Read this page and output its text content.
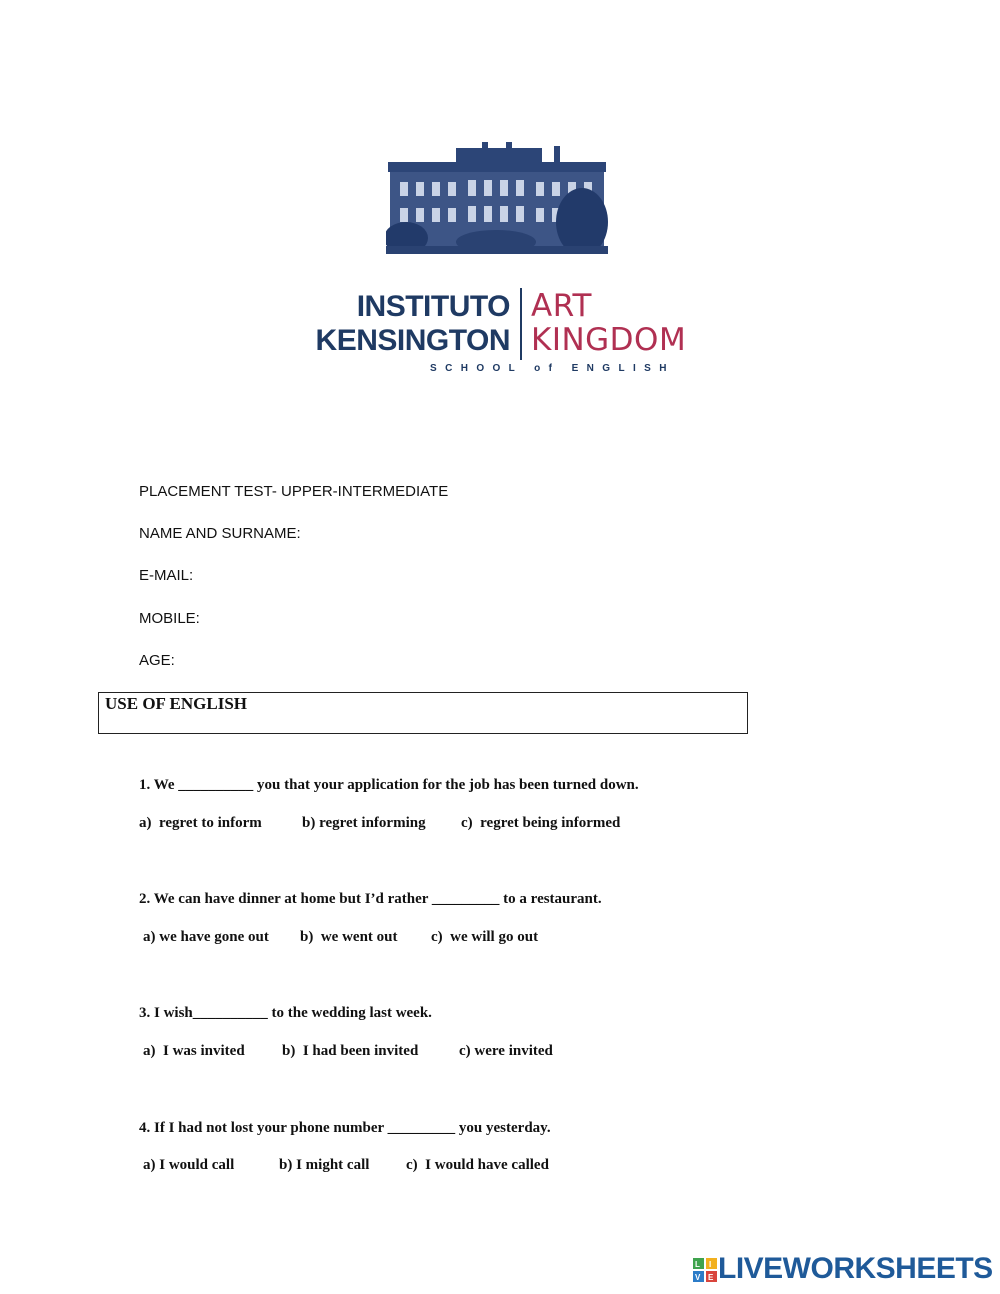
INSTITUTO
KENSINGTON
ART
KINGDOM
SCHOOL of ENGLISH
PLACEMENT TEST- UPPER-INTERMEDIATE
NAME AND SURNAME:
E-MAIL:
MOBILE:
AGE:
USE OF ENGLISH
1. We __________ you that your application for the job has been turned down.
a)  regret to inform	b) regret informing c)  regret being informed
2. We can have dinner at home but I’d rather _________ to a restaurant.
a) we have gone out b)  we went out c)  we will go out
3. I wish__________ to the wedding last week.
a)  I was invited b)  I had been invited	c) were invited
4. If I had not lost your phone number _________ you yesterday.
a) I would call	b) I might call c)  I would have called
L I
V E LIVEWORKSHEETS
